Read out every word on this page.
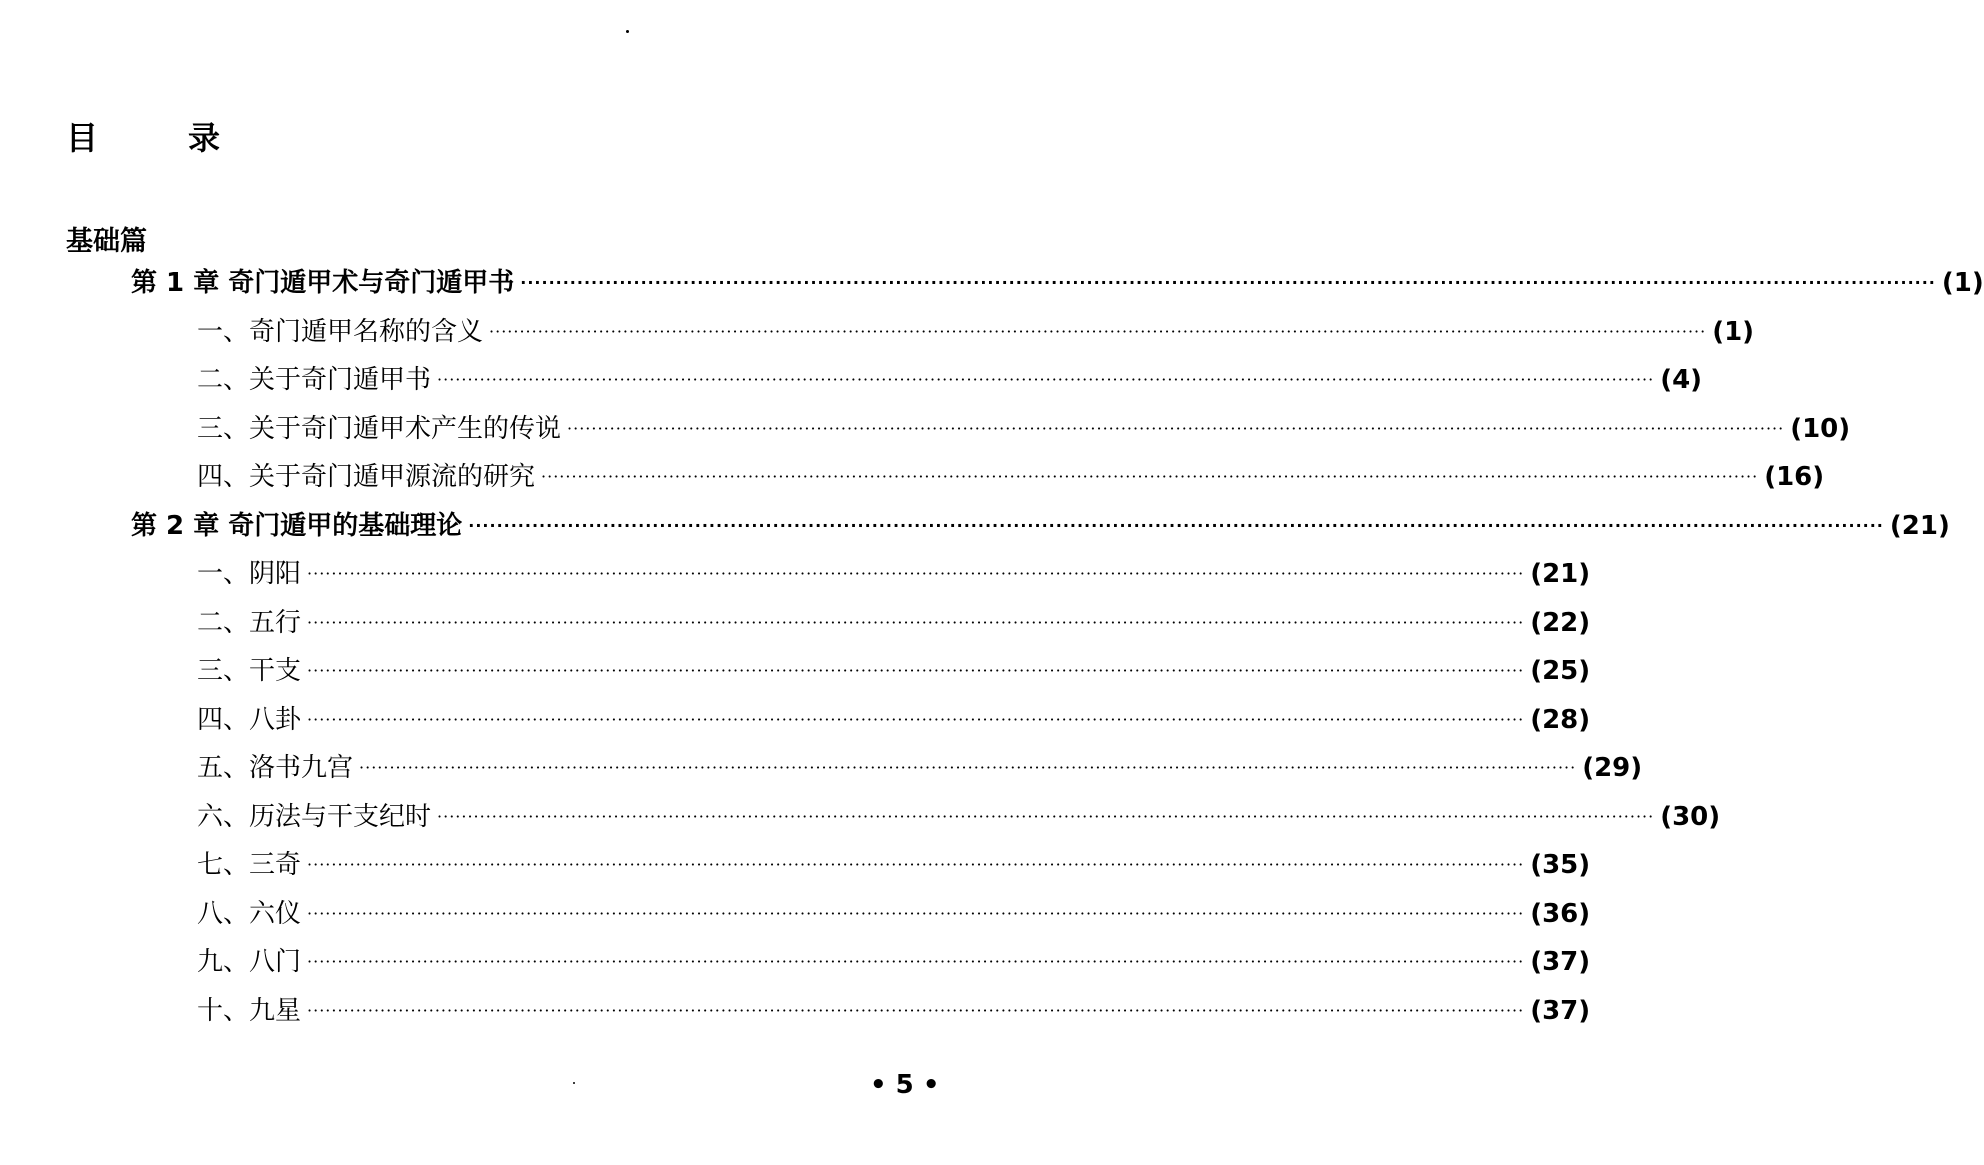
目	录
基础篇
第 1 章 奇门遁甲术与奇门遁甲书 ········································································································································································································ (1)
一、奇门遁甲名称的含义 ········································································································································································································ (1)
二、关于奇门遁甲书 ········································································································································································································ (4)
三、关于奇门遁甲术产生的传说 ········································································································································································································ (10)
四、关于奇门遁甲源流的研究 ········································································································································································································ (16)
第 2 章 奇门遁甲的基础理论 ········································································································································································································ (21)
一、阴阳 ········································································································································································································ (21)
二、五行 ········································································································································································································ (22)
三、干支 ········································································································································································································ (25)
四、八卦 ········································································································································································································ (28)
五、洛书九宫 ········································································································································································································ (29)
六、历法与干支纪时 ········································································································································································································ (30)
七、三奇 ········································································································································································································ (35)
八、六仪 ········································································································································································································ (36)
九、八门 ········································································································································································································ (37)
十、九星 ········································································································································································································ (37)
• 5 •
